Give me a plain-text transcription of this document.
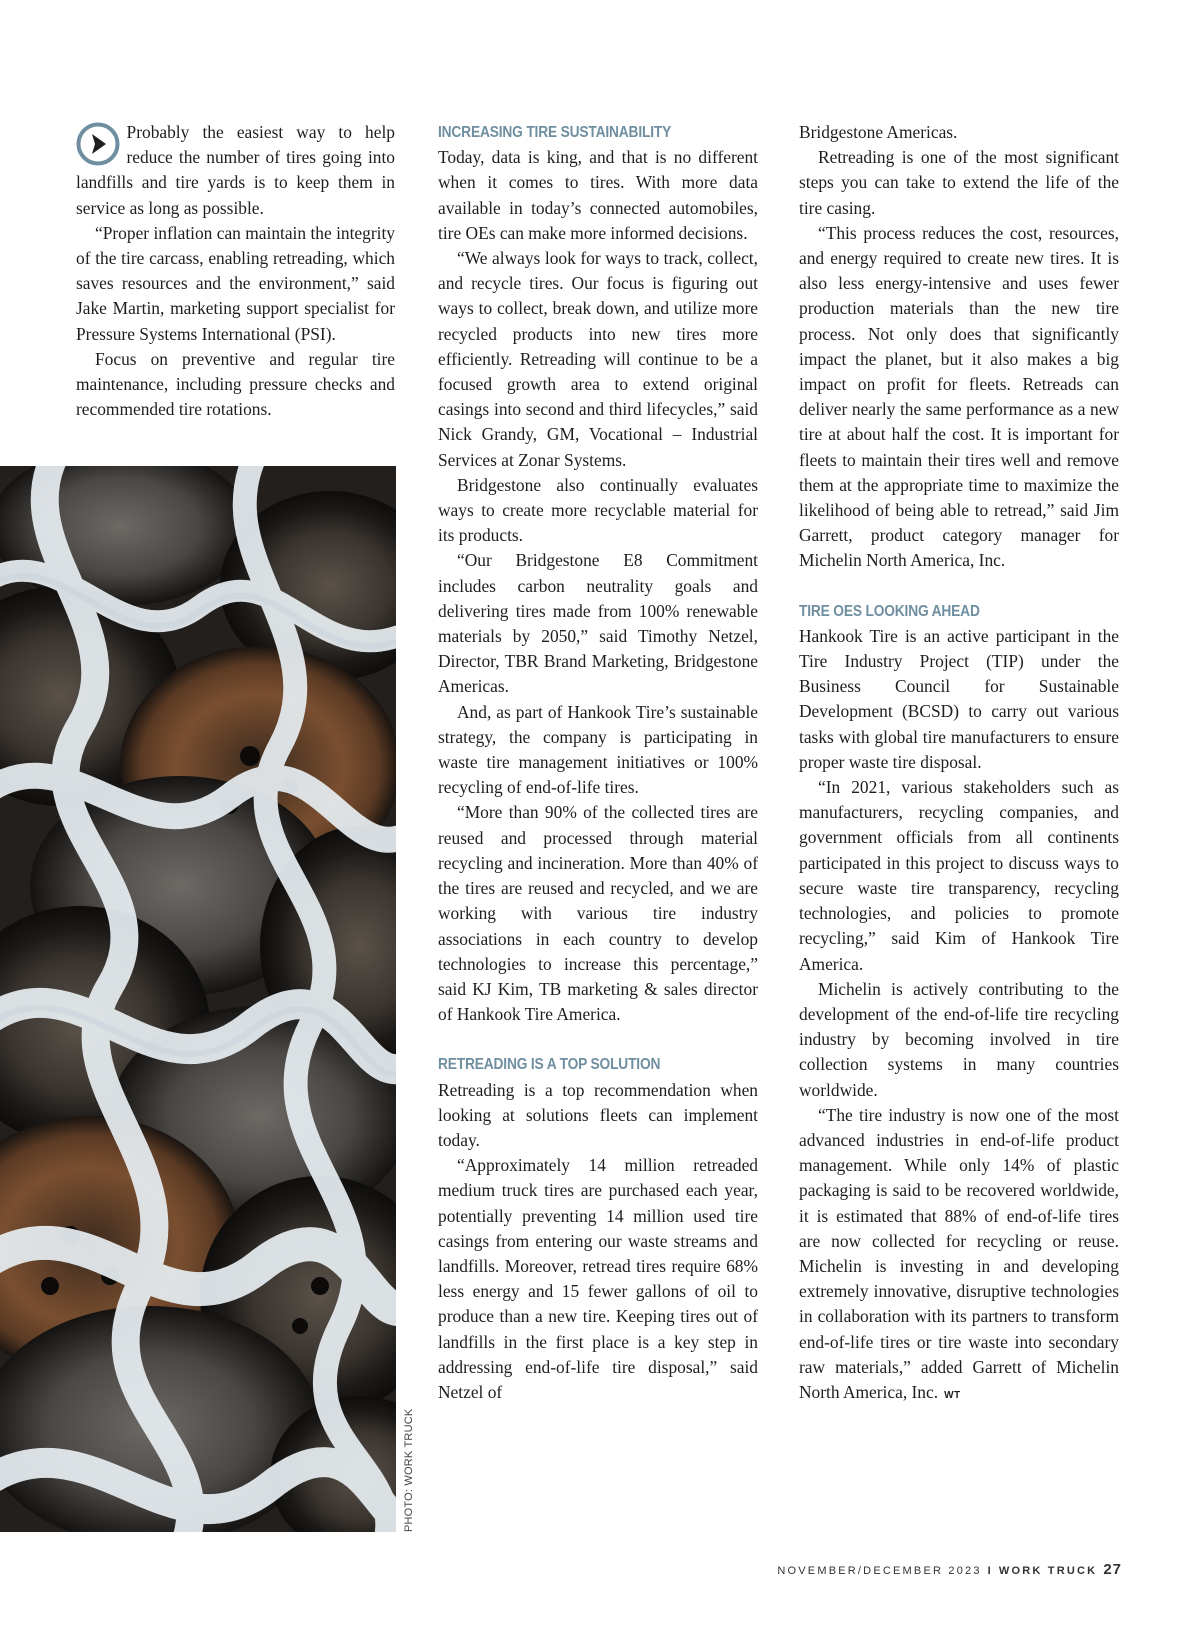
Probably the easiest way to help reduce the number of tires going into landfills and tire yards is to keep them in service as long as possible.

“Proper inflation can maintain the integrity of the tire carcass, enabling retreading, which saves resources and the environment,” said Jake Martin, marketing support specialist for Pressure Systems International (PSI).

Focus on preventive and regular tire maintenance, including pressure checks and recommended tire rotations.

PHOTO: WORK TRUCK
INCREASING TIRE SUSTAINABILITY

Today, data is king, and that is no different when it comes to tires. With more data available in today’s connected automobiles, tire OEs can make more informed decisions.

“We always look for ways to track, collect, and recycle tires. Our focus is figuring out ways to collect, break down, and utilize more recycled products into new tires more efficiently. Retreading will continue to be a focused growth area to extend original casings into second and third lifecycles,” said Nick Grandy, GM, Vocational – Industrial Services at Zonar Systems.

Bridgestone also continually evaluates ways to create more recyclable material for its products.

“Our Bridgestone E8 Commitment includes carbon neutrality goals and delivering tires made from 100% renewable materials by 2050,” said Timothy Netzel, Director, TBR Brand Marketing, Bridgestone Americas.

And, as part of Hankook Tire’s sustainable strategy, the company is participating in waste tire management initiatives or 100% recycling of end-of-life tires.

“More than 90% of the collected tires are reused and processed through material recycling and incineration. More than 40% of the tires are reused and recycled, and we are working with various tire industry associations in each country to develop technologies to increase this percentage,” said KJ Kim, TB marketing & sales director of Hankook Tire America.

RETREADING IS A TOP SOLUTION

Retreading is a top recommendation when looking at solutions fleets can implement today.

“Approximately 14 million retreaded medium truck tires are purchased each year, potentially preventing 14 million used tire casings from entering our waste streams and landfills. Moreover, retread tires require 68% less energy and 15 fewer gallons of oil to produce than a new tire. Keeping tires out of landfills in the first place is a key step in addressing end-of-life tire disposal,” said Netzel of

Bridgestone Americas.

Retreading is one of the most significant steps you can take to extend the life of the tire casing.

“This process reduces the cost, resources, and energy required to create new tires. It is also less energy-intensive and uses fewer production materials than the new tire process. Not only does that significantly impact the planet, but it also makes a big impact on profit for fleets. Retreads can deliver nearly the same performance as a new tire at about half the cost. It is important for fleets to maintain their tires well and remove them at the appropriate time to maximize the likelihood of being able to retread,” said Jim Garrett, product category manager for Michelin North America, Inc.

TIRE OES LOOKING AHEAD

Hankook Tire is an active participant in the Tire Industry Project (TIP) under the Business Council for Sustainable Development (BCSD) to carry out various tasks with global tire manufacturers to ensure proper waste tire disposal.

“In 2021, various stakeholders such as manufacturers, recycling companies, and government officials from all continents participated in this project to discuss ways to secure waste tire transparency, recycling technologies, and policies to promote recycling,” said Kim of Hankook Tire America.

Michelin is actively contributing to the development of the end-of-life tire recycling industry by becoming involved in tire collection systems in many countries worldwide.

“The tire industry is now one of the most advanced industries in end-of-life product management. While only 14% of plastic packaging is said to be recovered worldwide, it is estimated that 88% of end-of-life tires are now collected for recycling or reuse. Michelin is investing in and developing extremely innovative, disruptive technologies in collaboration with its partners to transform end-of-life tires or tire waste into secondary raw materials,” added Garrett of Michelin North America, Inc. WT

NOVEMBER/DECEMBER 2023 I WORK TRUCK 27
